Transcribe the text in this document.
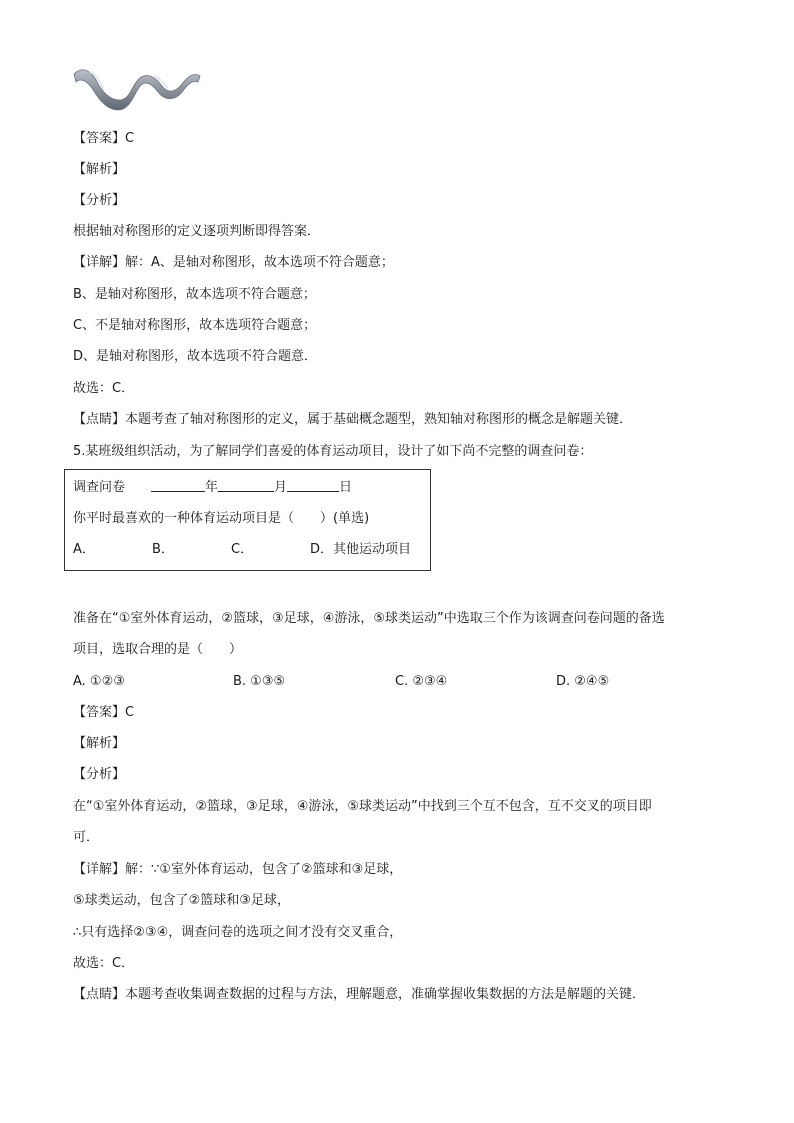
【答案】C
【解析】
【分析】
根据轴对称图形的定义逐项判断即得答案．
【详解】解：A、是轴对称图形，故本选项不符合题意；
B、是轴对称图形，故本选项不符合题意；
C、不是轴对称图形，故本选项符合题意；
D、是轴对称图形，故本选项不符合题意．
故选：C．
【点睛】本题考查了轴对称图形的定义，属于基础概念题型，熟知轴对称图形的概念是解题关键．
5.某班级组织活动，为了解同学们喜爱的体育运动项目，设计了如下尚不完整的调查问卷：
调查问卷	年	月	日
你平时最喜欢的一种体育运动项目是（　　）(单选)
A．	B．	C．	D．其他运动项目
准备在“①室外体育运动，②篮球，③足球，④游泳，⑤球类运动”中选取三个作为该调查问卷问题的备选
项目，选取合理的是（　　）
A. ①②③	B. ①③⑤	C. ②③④	D. ②④⑤
【答案】C
【解析】
【分析】
在“①室外体育运动，②篮球，③足球，④游泳，⑤球类运动”中找到三个互不包含，互不交叉的项目即
可．
【详解】解：∵①室外体育运动，包含了②篮球和③足球，
⑤球类运动，包含了②篮球和③足球，
∴只有选择②③④，调查问卷的选项之间才没有交叉重合，
故选：C．
【点睛】本题考查收集调查数据的过程与方法，理解题意，准确掌握收集数据的方法是解题的关键．
